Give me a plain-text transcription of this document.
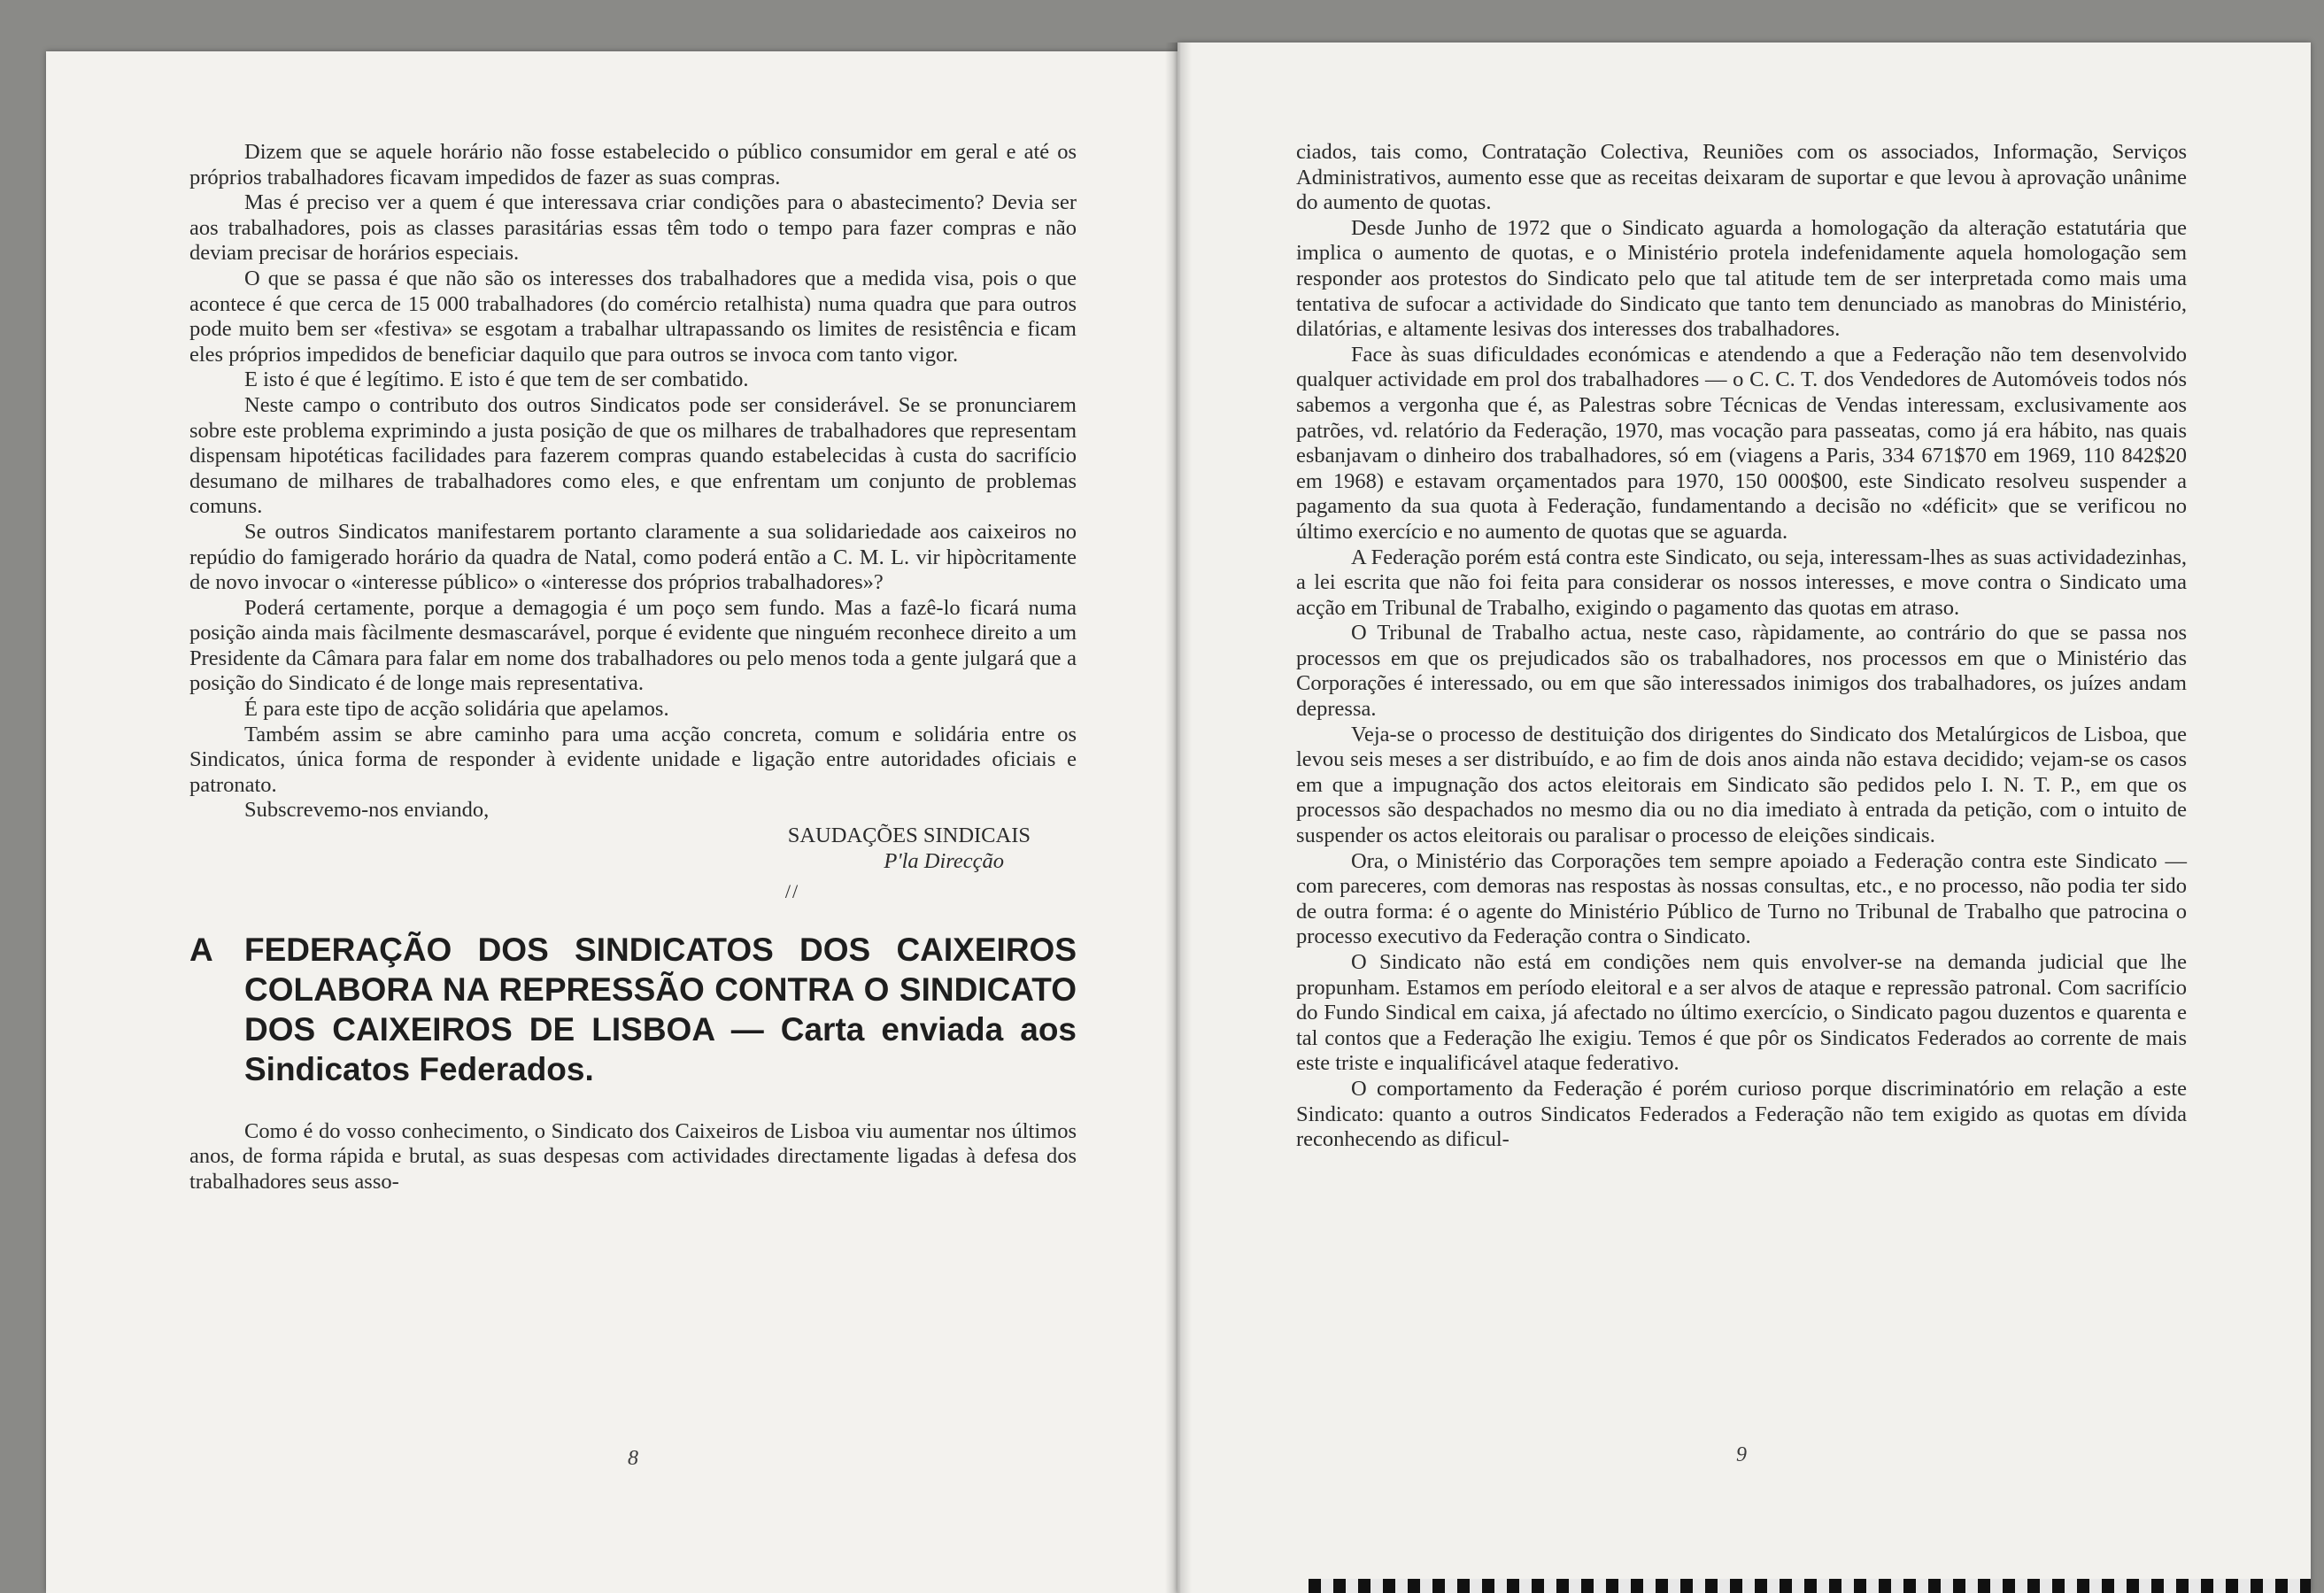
Dizem que se aquele horário não fosse estabelecido o público consumidor em geral e até os próprios trabalhadores ficavam impedidos de fazer as suas compras.

Mas é preciso ver a quem é que interessava criar condições para o abastecimento? Devia ser aos trabalhadores, pois as classes parasitárias essas têm todo o tempo para fazer compras e não deviam precisar de horários especiais.

O que se passa é que não são os interesses dos trabalhadores que a medida visa, pois o que acontece é que cerca de 15 000 trabalhadores (do comércio retalhista) numa quadra que para outros pode muito bem ser «festiva» se esgotam a trabalhar ultrapassando os limites de resistência e ficam eles próprios impedidos de beneficiar daquilo que para outros se invoca com tanto vigor.

E isto é que é legítimo. E isto é que tem de ser combatido.

Neste campo o contributo dos outros Sindicatos pode ser considerável. Se se pronunciarem sobre este problema exprimindo a justa posição de que os milhares de trabalhadores que representam dispensam hipotéticas facilidades para fazerem compras quando estabelecidas à custa do sacrifício desumano de milhares de trabalhadores como eles, e que enfrentam um conjunto de problemas comuns.

Se outros Sindicatos manifestarem portanto claramente a sua solidariedade aos caixeiros no repúdio do famigerado horário da quadra de Natal, como poderá então a C. M. L. vir hipòcritamente de novo invocar o «interesse público» o «interesse dos próprios trabalhadores»?

Poderá certamente, porque a demagogia é um poço sem fundo. Mas a fazê-lo ficará numa posição ainda mais fàcilmente desmascarável, porque é evidente que ninguém reconhece direito a um Presidente da Câmara para falar em nome dos trabalhadores ou pelo menos toda a gente julgará que a posição do Sindicato é de longe mais representativa.

É para este tipo de acção solidária que apelamos.

Também assim se abre caminho para uma acção concreta, comum e solidária entre os Sindicatos, única forma de responder à evidente unidade e ligação entre autoridades oficiais e patronato.

Subscrevemo-nos enviando,

SAUDAÇÕES SINDICAIS

P'la Direcção

//
A FEDERAÇÃO DOS SINDICATOS DOS CAIXEIROS COLABORA NA REPRESSÃO CONTRA O SINDICATO DOS CAIXEIROS DE LISBOA — Carta enviada aos Sindicatos Federados.

Como é do vosso conhecimento, o Sindicato dos Caixeiros de Lisboa viu aumentar nos últimos anos, de forma rápida e brutal, as suas despesas com actividades directamente ligadas à defesa dos trabalhadores seus asso-

8

ciados, tais como, Contratação Colectiva, Reuniões com os associados, Informação, Serviços Administrativos, aumento esse que as receitas deixaram de suportar e que levou à aprovação unânime do aumento de quotas.

Desde Junho de 1972 que o Sindicato aguarda a homologação da alteração estatutária que implica o aumento de quotas, e o Ministério protela indefenidamente aquela homologação sem responder aos protestos do Sindicato pelo que tal atitude tem de ser interpretada como mais uma tentativa de sufocar a actividade do Sindicato que tanto tem denunciado as manobras do Ministério, dilatórias, e altamente lesivas dos interesses dos trabalhadores.

Face às suas dificuldades económicas e atendendo a que a Federação não tem desenvolvido qualquer actividade em prol dos trabalhadores — o C. C. T. dos Vendedores de Automóveis todos nós sabemos a vergonha que é, as Palestras sobre Técnicas de Vendas interessam, exclusivamente aos patrões, vd. relatório da Federação, 1970, mas vocação para passeatas, como já era hábito, nas quais esbanjavam o dinheiro dos trabalhadores, só em (viagens a Paris, 334 671$70 em 1969, 110 842$20 em 1968) e estavam orçamentados para 1970, 150 000$00, este Sindicato resolveu suspender a pagamento da sua quota à Federação, fundamentando a decisão no «déficit» que se verificou no último exercício e no aumento de quotas que se aguarda.

A Federação porém está contra este Sindicato, ou seja, interessam-lhes as suas actividadezinhas, a lei escrita que não foi feita para considerar os nossos interesses, e move contra o Sindicato uma acção em Tribunal de Trabalho, exigindo o pagamento das quotas em atraso.

O Tribunal de Trabalho actua, neste caso, ràpidamente, ao contrário do que se passa nos processos em que os prejudicados são os trabalhadores, nos processos em que o Ministério das Corporações é interessado, ou em que são interessados inimigos dos trabalhadores, os juízes andam depressa.

Veja-se o processo de destituição dos dirigentes do Sindicato dos Metalúrgicos de Lisboa, que levou seis meses a ser distribuído, e ao fim de dois anos ainda não estava decidido; vejam-se os casos em que a impugnação dos actos eleitorais em Sindicato são pedidos pelo I. N. T. P., em que os processos são despachados no mesmo dia ou no dia imediato à entrada da petição, com o intuito de suspender os actos eleitorais ou paralisar o processo de eleições sindicais.

Ora, o Ministério das Corporações tem sempre apoiado a Federação contra este Sindicato — com pareceres, com demoras nas respostas às nossas consultas, etc., e no processo, não podia ter sido de outra forma: é o agente do Ministério Público de Turno no Tribunal de Trabalho que patrocina o processo executivo da Federação contra o Sindicato.

O Sindicato não está em condições nem quis envolver-se na demanda judicial que lhe propunham. Estamos em período eleitoral e a ser alvos de ataque e repressão patronal. Com sacrifício do Fundo Sindical em caixa, já afectado no último exercício, o Sindicato pagou duzentos e quarenta e tal contos que a Federação lhe exigiu. Temos é que pôr os Sindicatos Federados ao corrente de mais este triste e inqualificável ataque federativo.

O comportamento da Federação é porém curioso porque discriminatório em relação a este Sindicato: quanto a outros Sindicatos Federados a Federação não tem exigido as quotas em dívida reconhecendo as dificul-

9
